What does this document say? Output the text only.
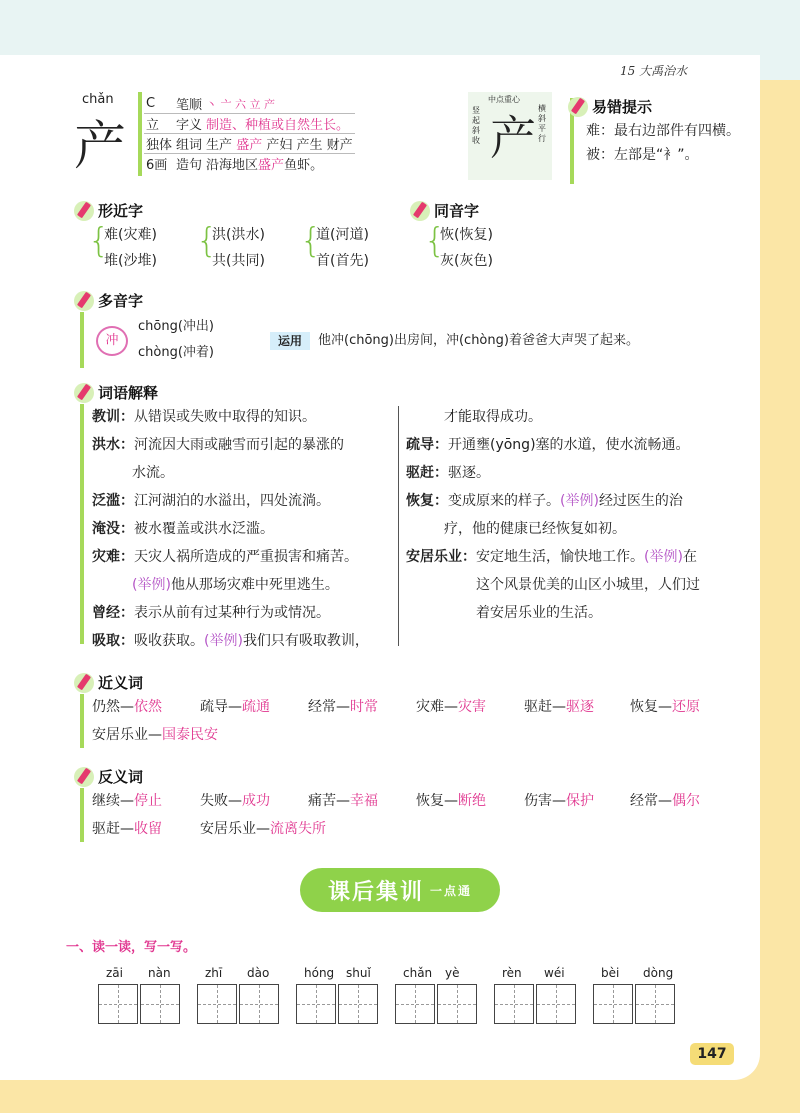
15 大禹治水
chǎn
产
C	笔顺	丶 亠 六 立 产
立	字义	制造、种植或自然生长。
独体	组词	生产 盛产 产妇 产生 财产
6画	造句	沿海地区盛产鱼虾。
中点重心
竖起斜收
横斜平行
产
易错提示
难：最右边部件有四横。
被：左部是“衤”。
形近字
{
难(灾难)
堆(沙堆) {
洪(洪水)
共(共同) {
道(河道)
首(首先)
同音字
{
恢(恢复)
灰(灰色)
多音字
冲
chōng(冲出)
chòng(冲着)
运用	他冲(chōng)出房间，冲(chòng)着爸爸大声哭了起来。
词语解释
教训：从错误或失败中取得的知识。
洪水：河流因大雨或融雪而引起的暴涨的
水流。
泛滥：江河湖泊的水溢出，四处流淌。
淹没：被水覆盖或洪水泛滥。
灾难：天灾人祸所造成的严重损害和痛苦。
(举例)他从那场灾难中死里逃生。
曾经：表示从前有过某种行为或情况。
吸取：吸收获取。(举例)我们只有吸取教训，
才能取得成功。
疏导：开通壅(yōng)塞的水道，使水流畅通。
驱赶：驱逐。
恢复：变成原来的样子。(举例)经过医生的治
疗，他的健康已经恢复如初。
安居乐业：安定地生活，愉快地工作。(举例)在
这个风景优美的山区小城里，人们过
着安居乐业的生活。
近义词
仍然—依然	疏导—疏通	经常—时常	灾难—灾害	驱赶—驱逐	恢复—还原
安居乐业—国泰民安
反义词
继续—停止	失败—成功	痛苦—幸福	恢复—断绝	伤害—保护	经常—偶尔
驱赶—收留	安居乐业—流离失所
课后集训 一点通
一、读一读，写一写。
zāi nàn	zhī dào	hóng shuǐ	chǎn yè	rèn wéi	bèi dòng
147
